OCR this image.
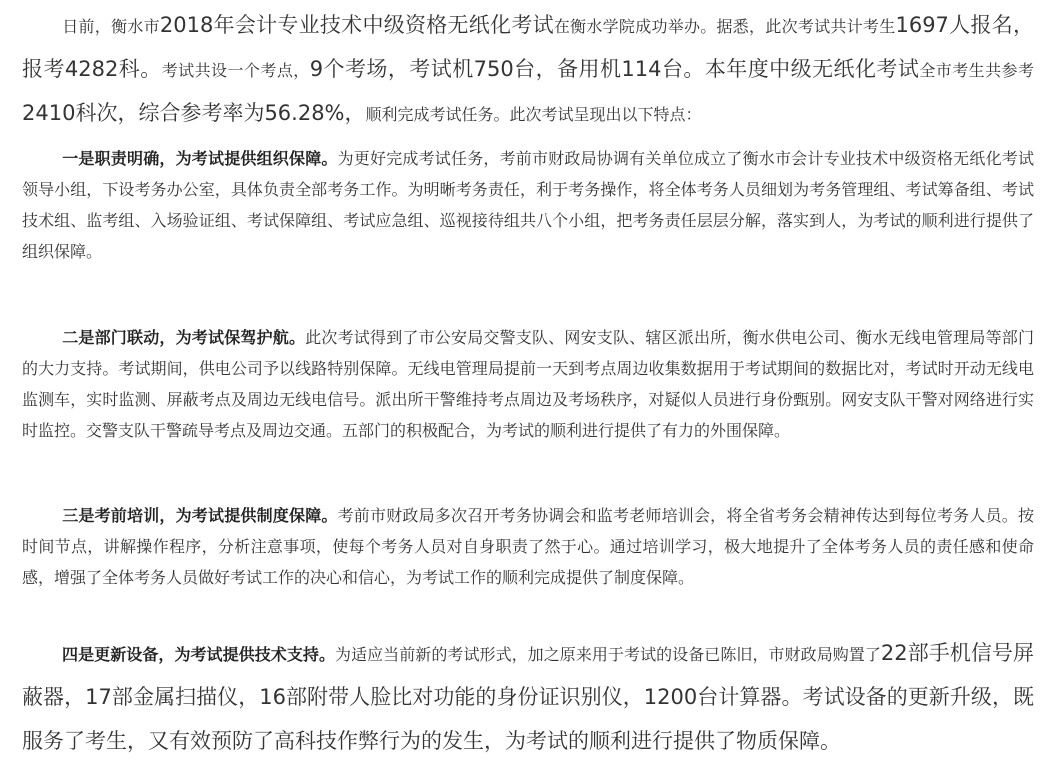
日前，衡水市2018年会计专业技术中级资格无纸化考试在衡水学院成功举办。据悉，此次考试共计考生1697人报名，报考4282科。考试共设一个考点，9个考场，考试机750台，备用机114台。本年度中级无纸化考试全市考生共参考2410科次，综合参考率为56.28%，顺利完成考试任务。此次考试呈现出以下特点：

一是职责明确，为考试提供组织保障。为更好完成考试任务，考前市财政局协调有关单位成立了衡水市会计专业技术中级资格无纸化考试领导小组，下设考务办公室，具体负责全部考务工作。为明晰考务责任，利于考务操作，将全体考务人员细划为考务管理组、考试筹备组、考试技术组、监考组、入场验证组、考试保障组、考试应急组、巡视接待组共八个小组，把考务责任层层分解，落实到人，为考试的顺利进行提供了组织保障。

二是部门联动，为考试保驾护航。此次考试得到了市公安局交警支队、网安支队、辖区派出所，衡水供电公司、衡水无线电管理局等部门的大力支持。考试期间，供电公司予以线路特别保障。无线电管理局提前一天到考点周边收集数据用于考试期间的数据比对，考试时开动无线电监测车，实时监测、屏蔽考点及周边无线电信号。派出所干警维持考点周边及考场秩序，对疑似人员进行身份甄别。网安支队干警对网络进行实时监控。交警支队干警疏导考点及周边交通。五部门的积极配合，为考试的顺利进行提供了有力的外围保障。

三是考前培训，为考试提供制度保障。考前市财政局多次召开考务协调会和监考老师培训会，将全省考务会精神传达到每位考务人员。按时间节点，讲解操作程序，分析注意事项，使每个考务人员对自身职责了然于心。通过培训学习，极大地提升了全体考务人员的责任感和使命感，增强了全体考务人员做好考试工作的决心和信心，为考试工作的顺利完成提供了制度保障。

四是更新设备，为考试提供技术支持。为适应当前新的考试形式，加之原来用于考试的设备已陈旧，市财政局购置了22部手机信号屏蔽器，17部金属扫描仪，16部附带人脸比对功能的身份证识别仪，1200台计算器。考试设备的更新升级，既服务了考生，又有效预防了高科技作弊行为的发生，为考试的顺利进行提供了物质保障。
